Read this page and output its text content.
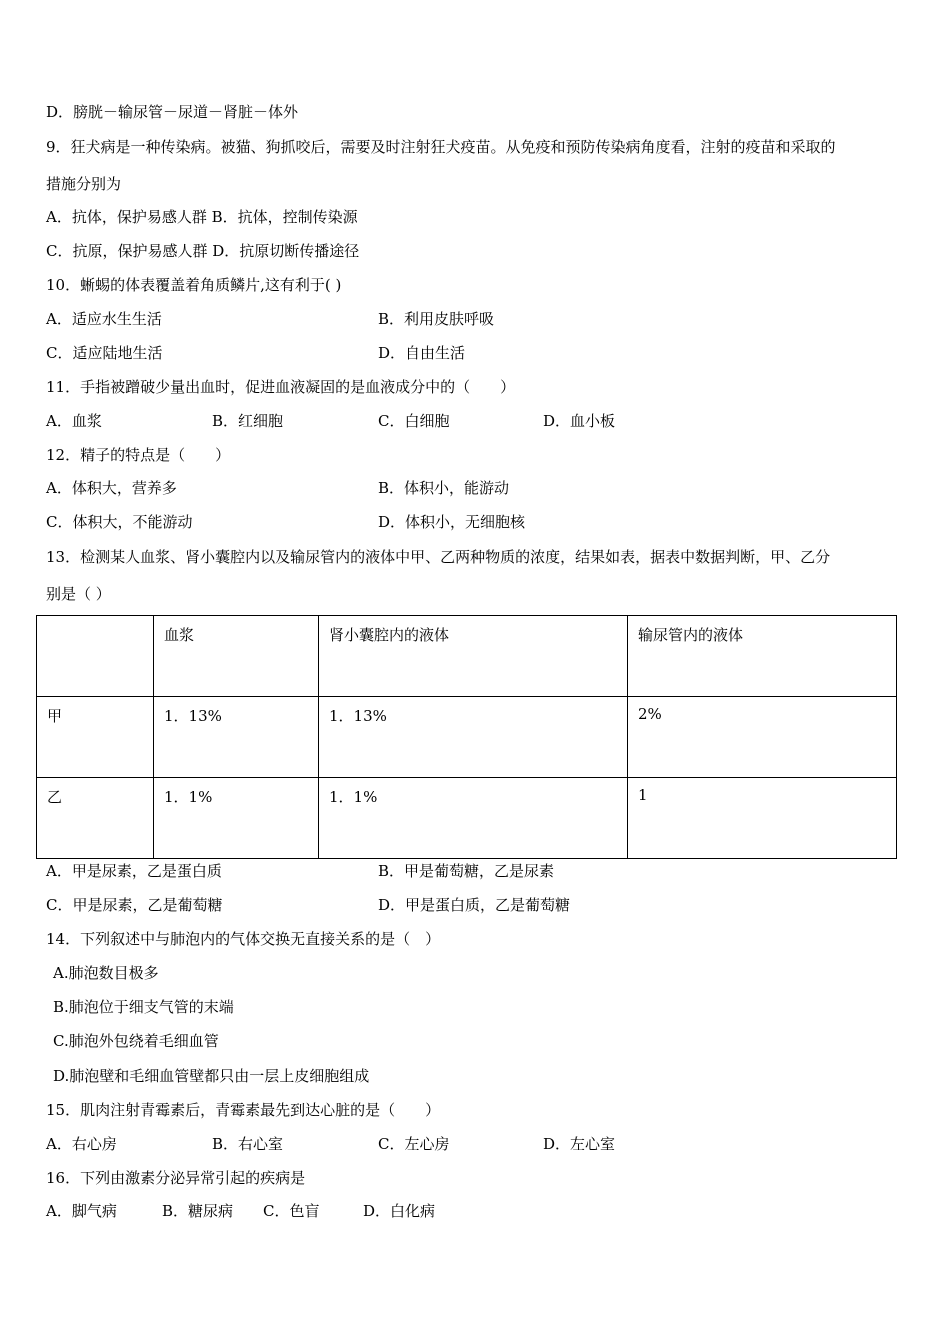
D．膀胱－输尿管－尿道－肾脏－体外
9．狂犬病是一种传染病。被猫、狗抓咬后，需要及时注射狂犬疫苗。从免疫和预防传染病角度看，注射的疫苗和采取的
措施分别为
A．抗体，保护易感人群 B．抗体，控制传染源
C．抗原，保护易感人群 D．抗原切断传播途径
10．蜥蜴的体表覆盖着角质鳞片,这有利于( )
A．适应水生生活	B．利用皮肤呼吸
C．适应陆地生活	D．自由生活
11．手指被蹭破少量出血时，促进血液凝固的是血液成分中的（　　）
A．血浆	B．红细胞	C．白细胞	D．血小板
12．精子的特点是（　　）
A．体积大，营养多	B．体积小，能游动
C．体积大，不能游动	D．体积小，无细胞核
13．检测某人血浆、肾小囊腔内以及输尿管内的液体中甲、乙两种物质的浓度，结果如表，据表中数据判断，甲、乙分
别是（ ）
	血浆	肾小囊腔内的液体	输尿管内的液体
甲	1．13%	1．13%	2%
乙	1．1%	1．1%	1
A．甲是尿素，乙是蛋白质	B．甲是葡萄糖，乙是尿素
C．甲是尿素，乙是葡萄糖	D．甲是蛋白质，乙是葡萄糖
14．下列叙述中与肺泡内的气体交换无直接关系的是（　）
A.肺泡数目极多
B.肺泡位于细支气管的末端
C.肺泡外包绕着毛细血管
D.肺泡壁和毛细血管壁都只由一层上皮细胞组成
15．肌肉注射青霉素后，青霉素最先到达心脏的是（　　）
A．右心房	B．右心室	C．左心房	D．左心室
16．下列由激素分泌异常引起的疾病是
A．脚气病	B．糖尿病 C．色盲	D．白化病
